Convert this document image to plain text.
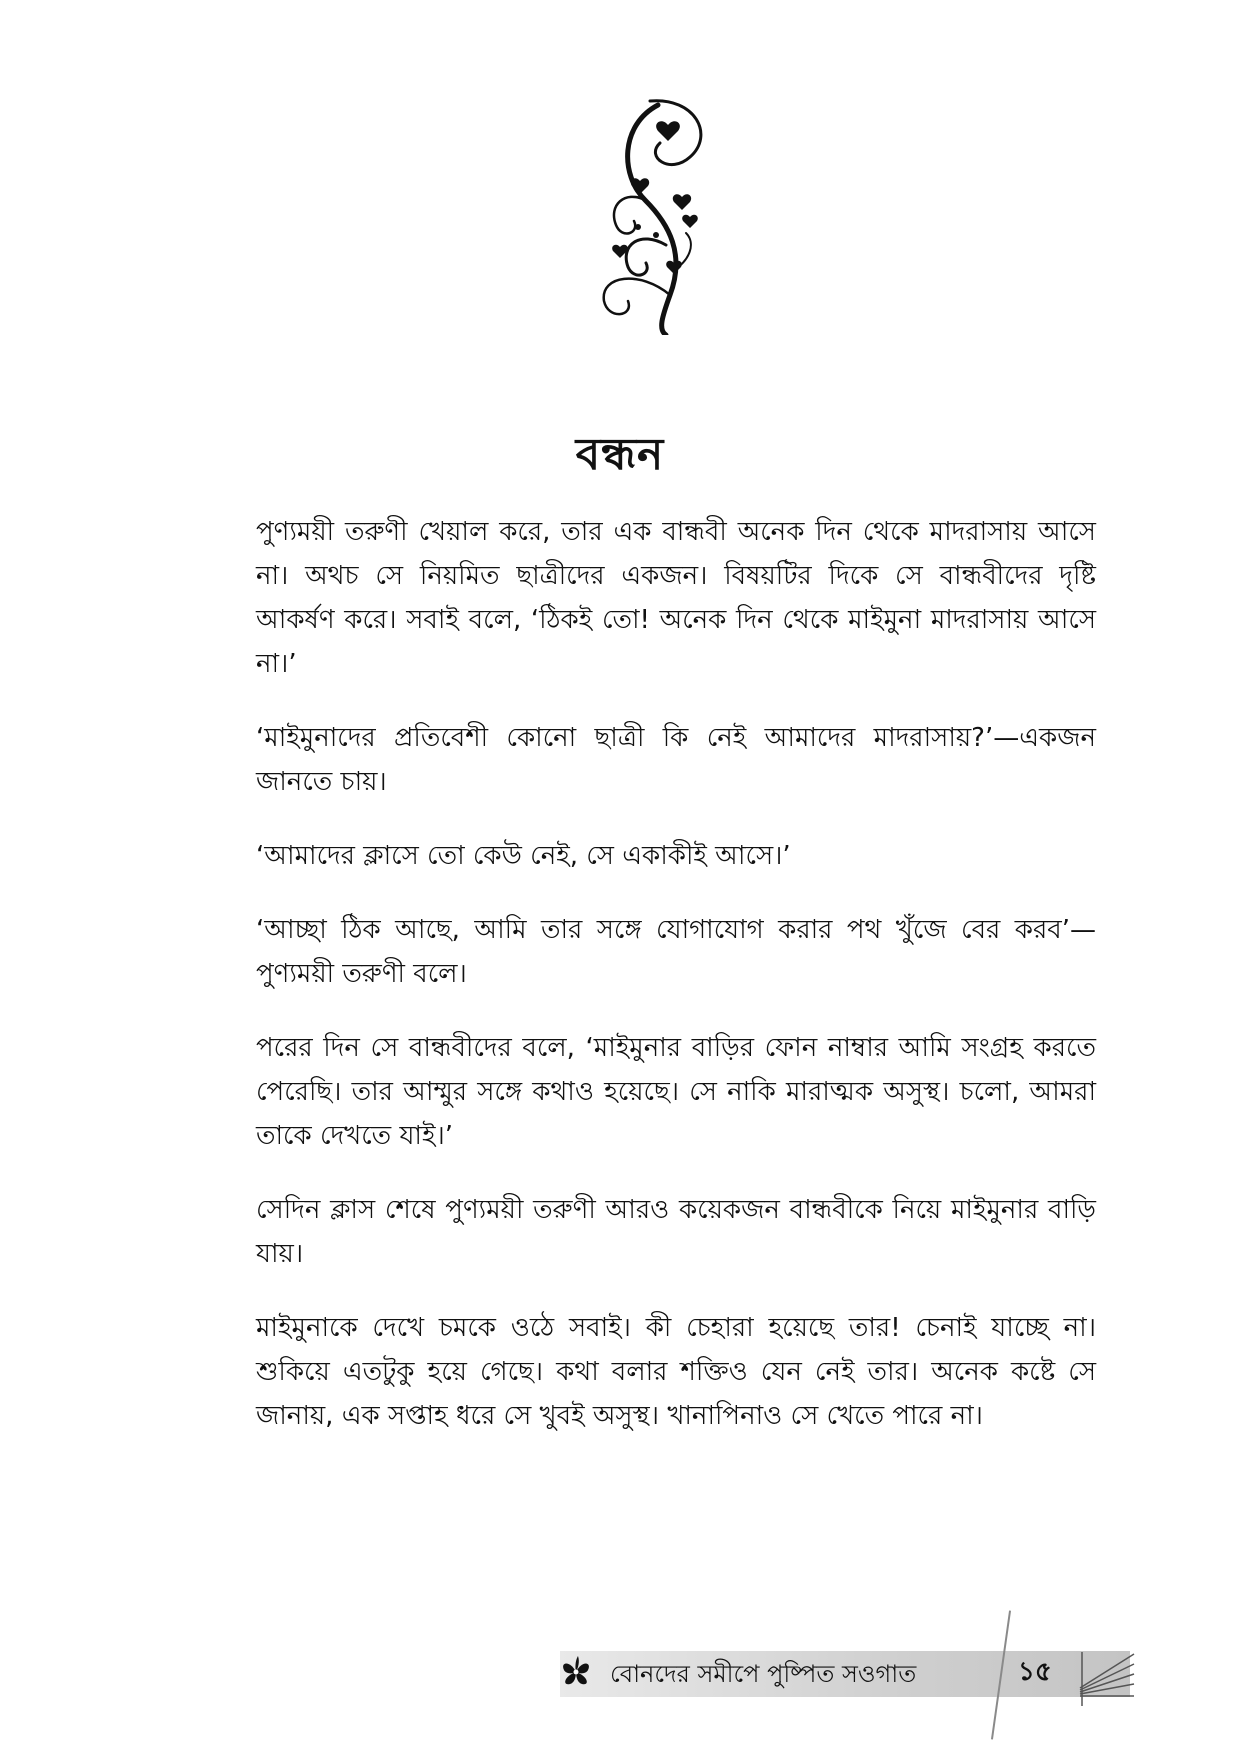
বন্ধন

পুণ্যময়ী তরুণী খেয়াল করে, তার এক বান্ধবী অনেক দিন থেকে মাদরাসায় আসে না। অথচ সে নিয়মিত ছাত্রীদের একজন। বিষয়টির দিকে সে বান্ধবীদের দৃষ্টি আকর্ষণ করে। সবাই বলে, ‘ঠিকই তো! অনেক দিন থেকে মাইমুনা মাদরাসায় আসে না।’

‘মাইমুনাদের প্রতিবেশী কোনো ছাত্রী কি নেই আমাদের মাদরাসায়?’—একজন জানতে চায়।

‘আমাদের ক্লাসে তো কেউ নেই, সে একাকীই আসে।’

‘আচ্ছা ঠিক আছে, আমি তার সঙ্গে যোগাযোগ করার পথ খুঁজে বের করব’—পুণ্যময়ী তরুণী বলে।

পরের দিন সে বান্ধবীদের বলে, ‘মাইমুনার বাড়ির ফোন নাম্বার আমি সংগ্রহ করতে পেরেছি। তার আম্মুর সঙ্গে কথাও হয়েছে। সে নাকি মারাত্মক অসুস্থ। চলো, আমরা তাকে দেখতে যাই।’

সেদিন ক্লাস শেষে পুণ্যময়ী তরুণী আরও কয়েকজন বান্ধবীকে নিয়ে মাইমুনার বাড়ি যায়।

মাইমুনাকে দেখে চমকে ওঠে সবাই। কী চেহারা হয়েছে তার! চেনাই যাচ্ছে না। শুকিয়ে এতটুকু হয়ে গেছে। কথা বলার শক্তিও যেন নেই তার। অনেক কষ্টে সে জানায়, এক সপ্তাহ ধরে সে খুবই অসুস্থ। খানাপিনাও সে খেতে পারে না।

বোনদের সমীপে পুষ্পিত সওগাত	১৫
